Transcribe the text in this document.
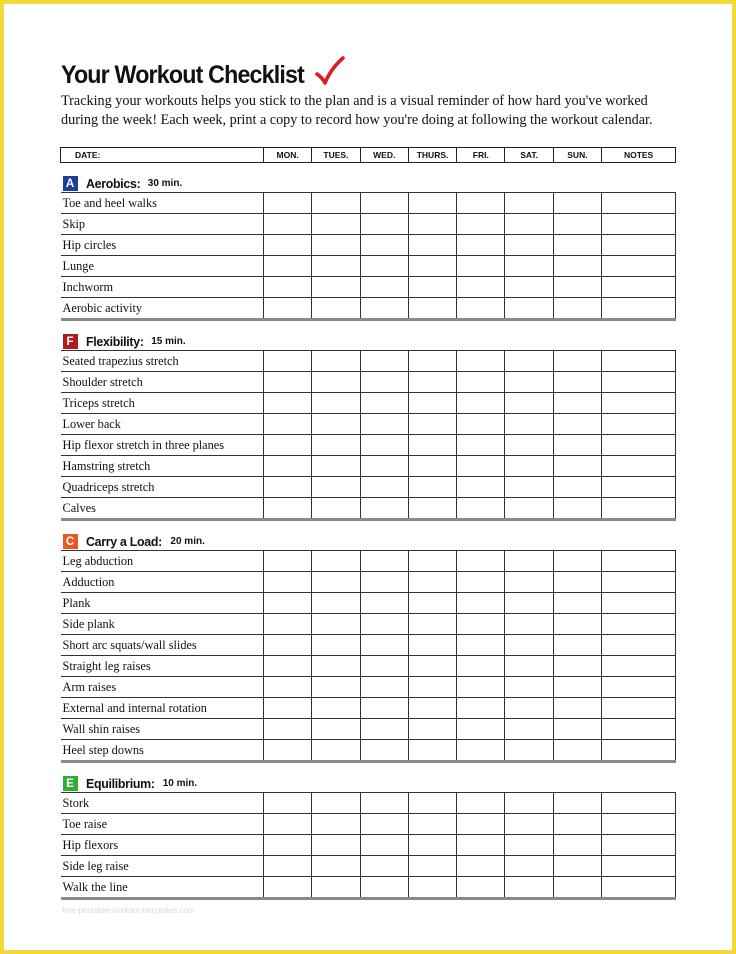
Your Workout Checklist

Tracking your workouts helps you stick to the plan and is a visual reminder of how hard you've worked during the week! Each week, print a copy to record how you're doing at following the workout calendar.

DATE:	MON.	TUES.	WED.	THURS.	FRI.	SAT.	SUN.	NOTES

A Aerobics: 30 min.								

Toe and heel walks								
Skip								
Hip circles								
Lunge								
Inchworm								
Aerobic activity								

F Flexibility: 15 min.								

Seated trapezius stretch								
Shoulder stretch								
Triceps stretch								
Lower back								
Hip flexor stretch in three planes								
Hamstring stretch								
Quadriceps stretch								
Calves								

C Carry a Load: 20 min.								

Leg abduction								
Adduction								
Plank								
Side plank								
Short arc squats/wall slides								
Straight leg raises								
Arm raises								
External and internal rotation								
Wall shin raises								
Heel step downs								

E Equilibrium: 10 min.								

Stork								
Toe raise								
Hip flexors								
Side leg raise								
Walk the line								
free-printable-workout-templates.com
